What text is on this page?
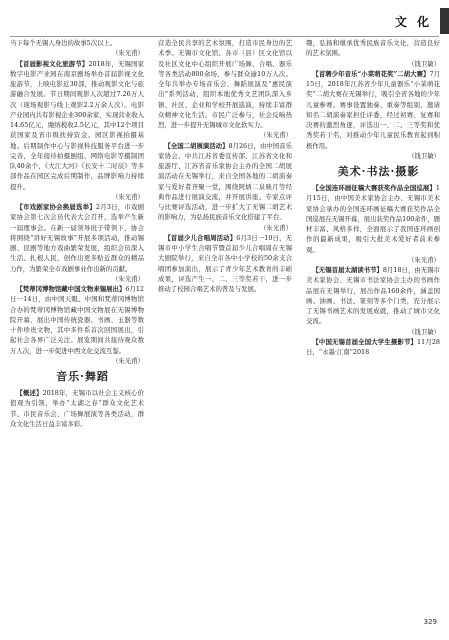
文 化

当下每个无锡人身边的故事5次以上。

（朱光甫）

【首届影视文化旅游节】2018年，无锡国家数字电影产业园在南京剧场举办首届影视文化旅游节，上映电影近30部，推动观影文化与旅游融合发展。节日期间观影人次超过7.26万人次（现场观影与线上观影2.2万余人次）。电影产业园内共有影视企业300余家，实现营业收入14.65亿元，缴纳税收2.5亿元，其中12个项目获国家及省市级扶持资金。园区影视拍摄基地、后期制作中心与影视科技服务平台进一步完善，全年接待拍摄剧组、网络电影等摄制团队40余个，《大江大河》《长安十二时辰》等多部作品在园区完成后期制作，品牌影响力持续提升。

（朱光甫）

【市戏剧家协会换届选举】2月3日，市戏剧家协会第七次会员代表大会召开，选举产生新一届理事会。在新一届领导班子带领下，协会将围绕“讲好无锡故事”开展多项活动，推动锡剧、昆剧等地方戏曲繁荣发展，组织会员深入生活、扎根人民，创作出更多贴近群众的精品力作，为繁荣全市戏剧事业作出新的贡献。

（朱光甫）

【梵蒂冈博物馆藏中国文物来锡展出】6月12日一14日，由中国天眼、中国和梵蒂冈博物馆合办的梵蒂冈博物馆藏中国文物展在无锡博物院开幕，展出中国传统瓷器、书画、玉器等数十件珍贵文物，其中多件系首次回国展出，引起社会各界广泛关注。展览期间共接待观众数万人次，进一步促进中西文化交流互鉴。

（朱光甫）

音乐·舞蹈

【概述】2018年，无锡市以社会主义核心价值观为引领，举办“太湖之春”群众文化艺术节、市民音乐会、广场舞展演等各类活动，群众文化生活日益丰富多彩。

营造全民共享的艺术氛围，打造市民身边的艺术季。无锡市文化馆、各市（县）区文化馆以及社区文化中心组织开展广场舞、合唱、器乐等各类活动800余场，参与群众逾10万人次。全年共举办专场音乐会、舞蹈展演及“惠民演出”系列活动，组织本地优秀文艺团队深入乡镇、社区、企业和学校开展巡演，持续丰富群众精神文化生活。市民广泛参与，社会反响热烈，进一步提升无锡城市文化软实力。

（朱光甫）

【全国二胡展演活动】8月26日，由中国音乐家协会、中共江苏省委宣传部、江苏省文化和旅游厅、江苏省音乐家协会主办的全国二胡展演活动在无锡举行，来自全国各地的二胡演奏家与爱好者齐聚一堂，围绕阿炳二泉映月等经典作品进行展演交流，并开展讲座、专家点评与比赛评选活动，进一步扩大了无锡二胡艺术的影响力，为弘扬民族音乐文化搭建了平台。

（朱光甫）

【首届少儿合唱周活动】6月3日一10日，无锡市中小学生合唱节暨首届少儿合唱周在无锡大剧院举行，来自全市各中小学校的50余支合唱团参加演出，展示了青少年艺术教育的丰硕成果，评选产生一、二、三等奖若干，进一步推动了校园合唱艺术的普及与发展。

趣，弘扬和继承优秀民族音乐文化，营造良好的艺术氛围。

（钱卫敏）

【首聘少年音乐“小菜萌花奖”二胡大赛】7月15日，2018年江苏省少年儿童器乐“小菜萌花奖”二胡大赛在无锡举行，吸引全省各地的少年儿童参赛。赛事设置独奏、重奏等组别，邀请知名二胡演奏家担任评委，经过初赛、复赛和决赛的激烈角逐，评选出一、二、三等奖和优秀奖若干名，对推动少年儿童民乐教育起到积极作用。

（钱卫敏）

美术·书法·摄影

【全国连环画征稿大赛获奖作品全国巡展】1月15日，由中国美术家协会主办、无锡市美术家协会承办的全国连环画征稿大赛获奖作品全国巡展在无锡开幕，展出获奖作品100余件，题材丰富、风格多样，全面展示了我国连环画创作的最新成果，吸引大批美术爱好者前来参观。

（朱光甫）

【无锡首届太湖读书节】8月18日，由无锡市美术家协会、无锡市书法家协会主办的书画作品展在无锡举行，展出作品160余件，涵盖国画、油画、书法、篆刻等多个门类，充分展示了无锡书画艺术的发展成就，推动了城市文化交流。

（钱卫敏）

【中国无锡首届全国大学生摄影节】11月28日，“水墨·江南”2018

329
